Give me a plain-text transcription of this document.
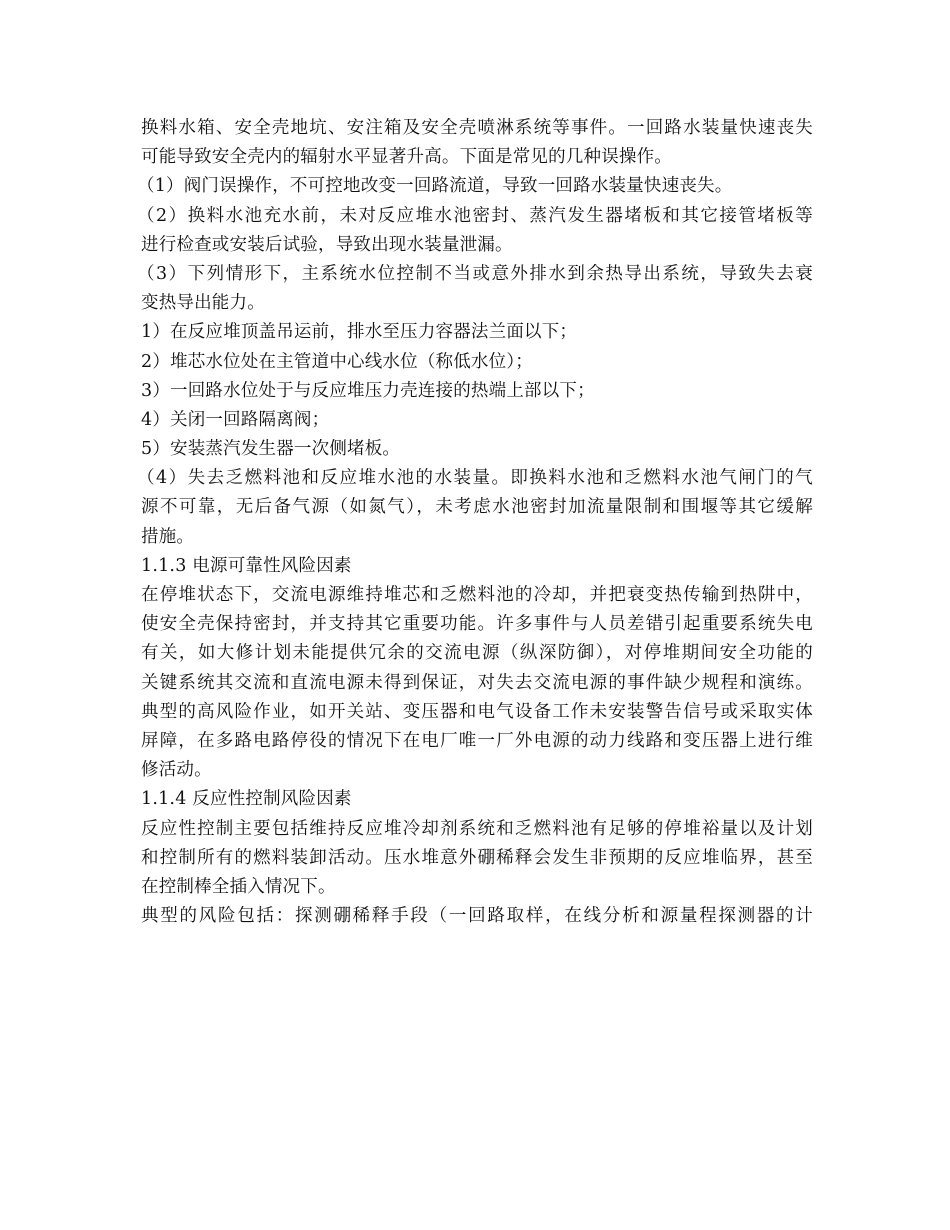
换料水箱、安全壳地坑、安注箱及安全壳喷淋系统等事件。一回路水装量快速丧失
可能导致安全壳内的辐射水平显著升高。下面是常见的几种误操作。
（1）阀门误操作，不可控地改变一回路流道，导致一回路水装量快速丧失。
（2）换料水池充水前，未对反应堆水池密封、蒸汽发生器堵板和其它接管堵板等
进行检查或安装后试验，导致出现水装量泄漏。
（3）下列情形下，主系统水位控制不当或意外排水到余热导出系统，导致失去衰
变热导出能力。
1）在反应堆顶盖吊运前，排水至压力容器法兰面以下；
2）堆芯水位处在主管道中心线水位（称低水位）；
3）一回路水位处于与反应堆压力壳连接的热端上部以下；
4）关闭一回路隔离阀；
5）安装蒸汽发生器一次侧堵板。
（4）失去乏燃料池和反应堆水池的水装量。即换料水池和乏燃料水池气闸门的气
源不可靠，无后备气源（如氮气），未考虑水池密封加流量限制和围堰等其它缓解
措施。
1.1.3 电源可靠性风险因素
在停堆状态下，交流电源维持堆芯和乏燃料池的冷却，并把衰变热传输到热阱中，
使安全壳保持密封，并支持其它重要功能。许多事件与人员差错引起重要系统失电
有关，如大修计划未能提供冗余的交流电源（纵深防御），对停堆期间安全功能的
关键系统其交流和直流电源未得到保证，对失去交流电源的事件缺少规程和演练。
典型的高风险作业，如开关站、变压器和电气设备工作未安装警告信号或采取实体
屏障，在多路电路停役的情况下在电厂唯一厂外电源的动力线路和变压器上进行维
修活动。
1.1.4 反应性控制风险因素
反应性控制主要包括维持反应堆冷却剂系统和乏燃料池有足够的停堆裕量以及计划
和控制所有的燃料装卸活动。压水堆意外硼稀释会发生非预期的反应堆临界，甚至
在控制棒全插入情况下。
典型的风险包括：探测硼稀释手段（一回路取样，在线分析和源量程探测器的计
